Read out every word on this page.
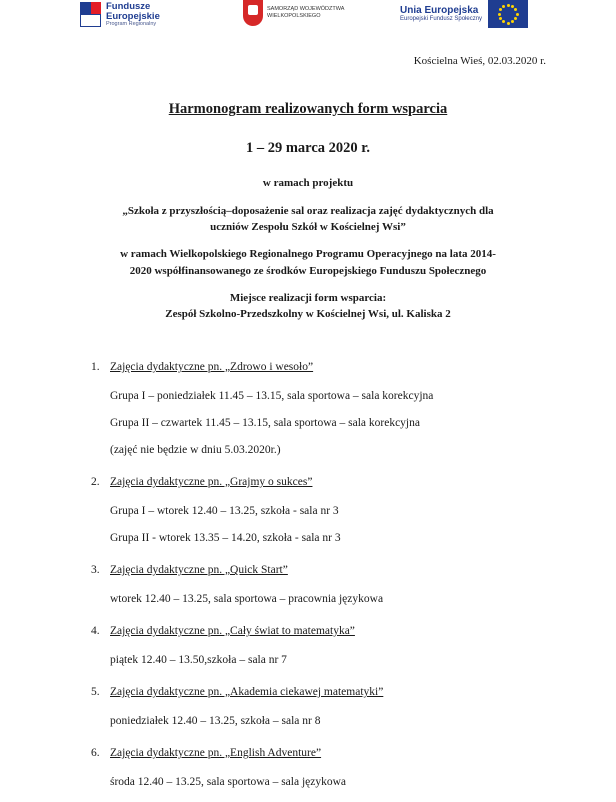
Fundusze
Europejskie
Program Regionalny
SAMORZĄD WOJEWÓDZTWA
WIELKOPOLSKIEGO	Unia Europejska
Europejski Fundusz Społeczny
Kościelna Wieś, 02.03.2020 r.
Harmonogram realizowanych form wsparcia
1 – 29 marca 2020 r.
w ramach projektu
„Szkoła z przyszłością–doposażenie sal oraz realizacja zajęć dydaktycznych dla
uczniów Zespołu Szkół w Kościelnej Wsi”
w ramach Wielkopolskiego Regionalnego Programu Operacyjnego na lata 2014-
2020 współfinansowanego ze środków Europejskiego Funduszu Społecznego
Miejsce realizacji form wsparcia:
Zespół Szkolno-Przedszkolny w Kościelnej Wsi, ul. Kaliska 2
1. Zajęcia dydaktyczne pn. „Zdrowo i wesoło”
Grupa I – poniedziałek 11.45 – 13.15, sala sportowa – sala korekcyjna
Grupa II – czwartek 11.45 – 13.15, sala sportowa – sala korekcyjna
(zajęć nie będzie w dniu 5.03.2020r.)
2. Zajęcia dydaktyczne pn. „Grajmy o sukces”
Grupa I – wtorek 12.40 – 13.25, szkoła - sala nr 3
Grupa II - wtorek 13.35 – 14.20, szkoła - sala nr 3
3. Zajęcia dydaktyczne pn. „Quick Start”
wtorek 12.40 – 13.25, sala sportowa – pracownia językowa
4. Zajęcia dydaktyczne pn. „Cały świat to matematyka”
piątek 12.40 – 13.50,szkoła – sala nr 7
5. Zajęcia dydaktyczne pn. „Akademia ciekawej matematyki”
poniedziałek 12.40 – 13.25, szkoła – sala nr 8
6. Zajęcia dydaktyczne pn. „English Adventure”
środa 12.40 – 13.25, sala sportowa – sala językowa
